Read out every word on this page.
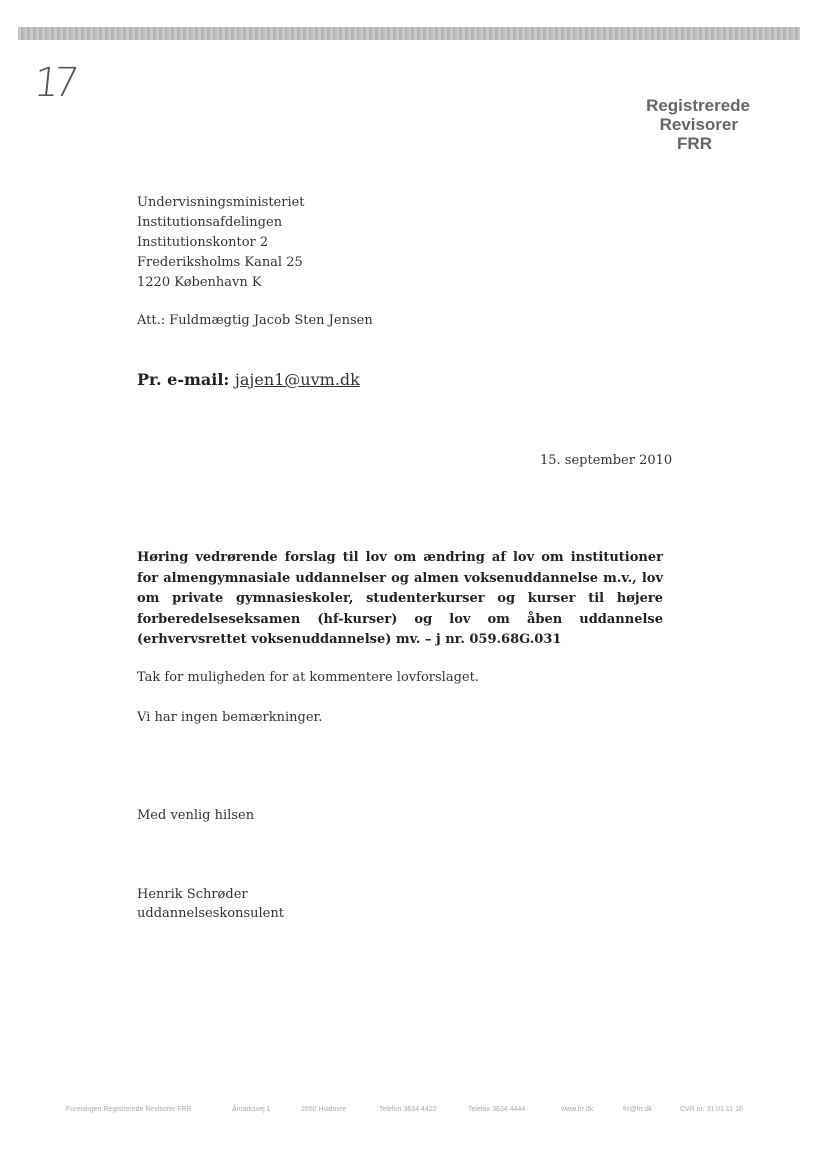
17	Registrerede
Revisorer
FRR
Undervisningsministeriet
Institutionsafdelingen
Institutionskontor 2
Frederiksholms Kanal 25
1220 København K
Att.: Fuldmægtig Jacob Sten Jensen
Pr. e-mail: jajen1@uvm.dk
15. september 2010
Høring vedrørende forslag til lov om ændring af lov om institutioner for almengymnasiale uddannelser og almen voksenuddannelse m.v., lov om private gymnasieskoler, studenterkurser og kurser til højere forberedelseseksamen (hf-kurser) og lov om åben uddannelse (erhvervsrettet voksenuddannelse) mv. – j nr. 059.68G.031
Tak for muligheden for at kommentere lovforslaget.
Vi har ingen bemærkninger.
Med venlig hilsen
Henrik Schrøder
uddannelseskonsulent
Foreningen Registrerede Revisorer FRR	Åmarksvej 1	2650 Hvidovre	Telefon 3634 4422	Telefax 3634 4444	www.frr.dk	frr@frr.dk	CVR nr. 31 01 11 16
